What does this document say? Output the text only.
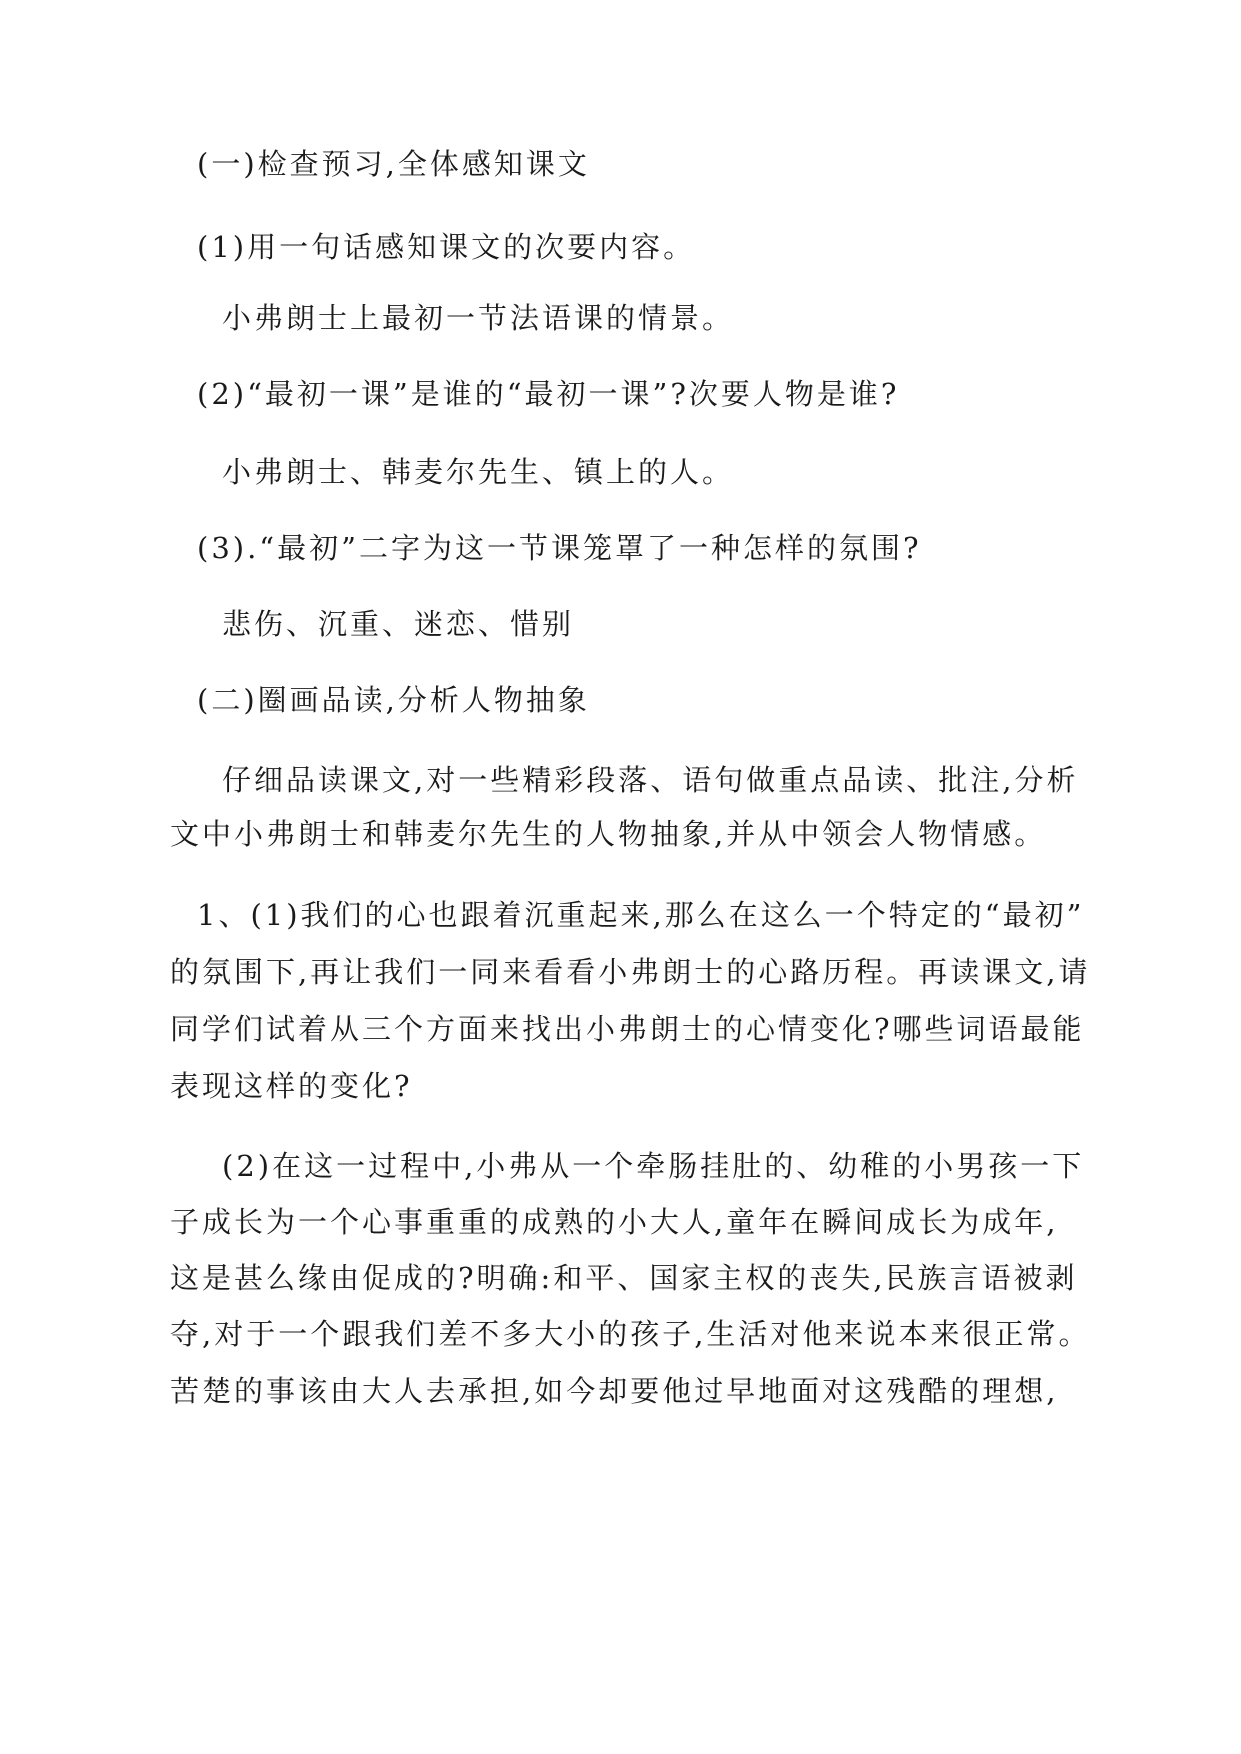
(一)检查预习,全体感知课文
(1)用一句话感知课文的次要内容。
小弗朗士上最初一节法语课的情景。
(2)“最初一课”是谁的“最初一课”?次要人物是谁?
小弗朗士、韩麦尔先生、镇上的人。
(3).“最初”二字为这一节课笼罩了一种怎样的氛围?
悲伤、沉重、迷恋、惜别
(二)圈画品读,分析人物抽象
仔细品读课文,对一些精彩段落、语句做重点品读、批注,分析
文中小弗朗士和韩麦尔先生的人物抽象,并从中领会人物情感。
1、(1)我们的心也跟着沉重起来,那么在这么一个特定的“最初”
的氛围下,再让我们一同来看看小弗朗士的心路历程。再读课文,请
同学们试着从三个方面来找出小弗朗士的心情变化?哪些词语最能
表现这样的变化?
(2)在这一过程中,小弗从一个牵肠挂肚的、幼稚的小男孩一下
子成长为一个心事重重的成熟的小大人,童年在瞬间成长为成年,
这是甚么缘由促成的?明确:和平、国家主权的丧失,民族言语被剥
夺,对于一个跟我们差不多大小的孩子,生活对他来说本来很正常。
苦楚的事该由大人去承担,如今却要他过早地面对这残酷的理想,
